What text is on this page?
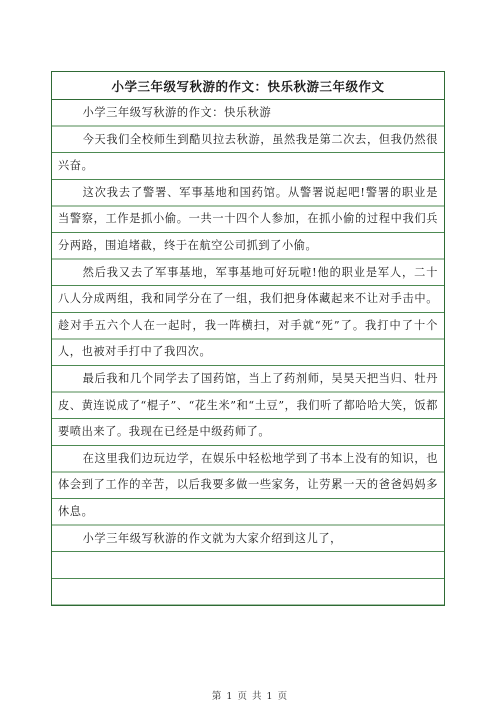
小学三年级写秋游的作文：快乐秋游三年级作文

小学三年级写秋游的作文：快乐秋游

今天我们全校师生到酷贝拉去秋游，虽然我是第二次去，但我仍然很兴奋。

这次我去了警署、军事基地和国药馆。从警署说起吧!警署的职业是当警察，工作是抓小偷。一共一十四个人参加，在抓小偷的过程中我们兵分两路，围追堵截，终于在航空公司抓到了小偷。

然后我又去了军事基地，军事基地可好玩啦!他的职业是军人，二十八人分成两组，我和同学分在了一组，我们把身体藏起来不让对手击中。趁对手五六个人在一起时，我一阵横扫，对手就“死”了。我打中了十个人，也被对手打中了我四次。

最后我和几个同学去了国药馆，当上了药剂师，吴昊天把当归、牡丹皮、黄连说成了“棍子”、“花生米”和“土豆”，我们听了都哈哈大笑，饭都要喷出来了。我现在已经是中级药师了。

在这里我们边玩边学，在娱乐中轻松地学到了书本上没有的知识，也体会到了工作的辛苦，以后我要多做一些家务，让劳累一天的爸爸妈妈多休息。

小学三年级写秋游的作文就为大家介绍到这儿了，

第 1 页 共 1 页
